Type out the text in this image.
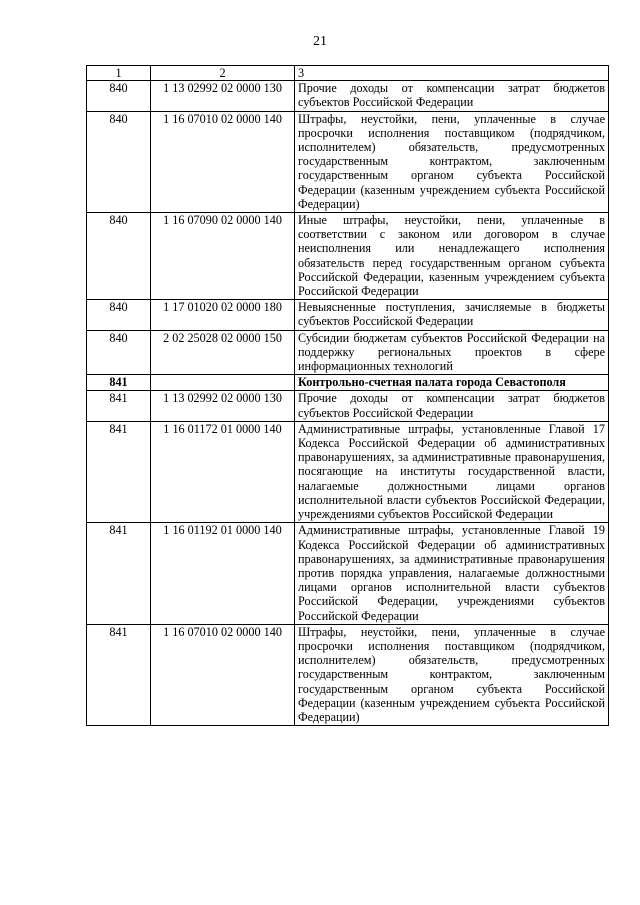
21
1	2	3
840	1 13 02992 02 0000 130	Прочие доходы от компенсации затрат бюджетов субъектов Российской Федерации
840	1 16 07010 02 0000 140	Штрафы, неустойки, пени, уплаченные в случае просрочки исполнения поставщиком (подрядчиком, исполнителем) обязательств, предусмотренных государственным контрактом, заключенным государственным органом субъекта Российской Федерации (казенным учреждением субъекта Российской Федерации)
840	1 16 07090 02 0000 140	Иные штрафы, неустойки, пени, уплаченные в соответствии с законом или договором в случае неисполнения или ненадлежащего исполнения обязательств перед государственным органом субъекта Российской Федерации, казенным учреждением субъекта Российской Федерации
840	1 17 01020 02 0000 180	Невыясненные поступления, зачисляемые в бюджеты субъектов Российской Федерации
840	2 02 25028 02 0000 150	Субсидии бюджетам субъектов Российской Федерации на поддержку региональных проектов в сфере информационных технологий
841		Контрольно-счетная палата города Севастополя
841	1 13 02992 02 0000 130	Прочие доходы от компенсации затрат бюджетов субъектов Российской Федерации
841	1 16 01172 01 0000 140	Административные штрафы, установленные Главой 17 Кодекса Российской Федерации об административных правонарушениях, за административные правонарушения, посягающие на институты государственной власти, налагаемые должностными лицами органов исполнительной власти субъектов Российской Федерации, учреждениями субъектов Российской Федерации
841	1 16 01192 01 0000 140	Административные штрафы, установленные Главой 19 Кодекса Российской Федерации об административных правонарушениях, за административные правонарушения против порядка управления, налагаемые должностными лицами органов исполнительной власти субъектов Российской Федерации, учреждениями субъектов Российской Федерации
841	1 16 07010 02 0000 140	Штрафы, неустойки, пени, уплаченные в случае просрочки исполнения поставщиком (подрядчиком, исполнителем) обязательств, предусмотренных государственным контрактом, заключенным государственным органом субъекта Российской Федерации (казенным учреждением субъекта Российской Федерации)
